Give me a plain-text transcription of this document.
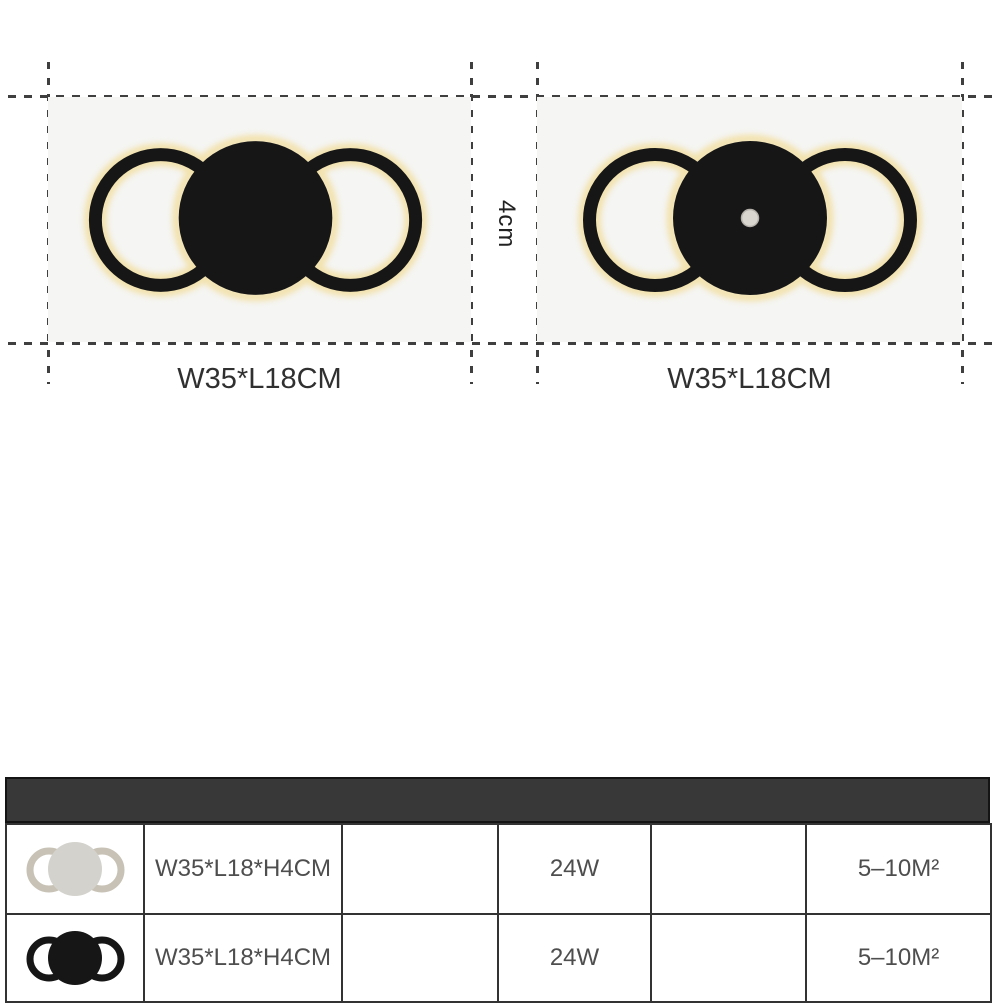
W35*L18CM	W35*L18CM
4cm
	W35*L18*H4CM		24W		5–10M²

	W35*L18*H4CM		24W		5–10M²
